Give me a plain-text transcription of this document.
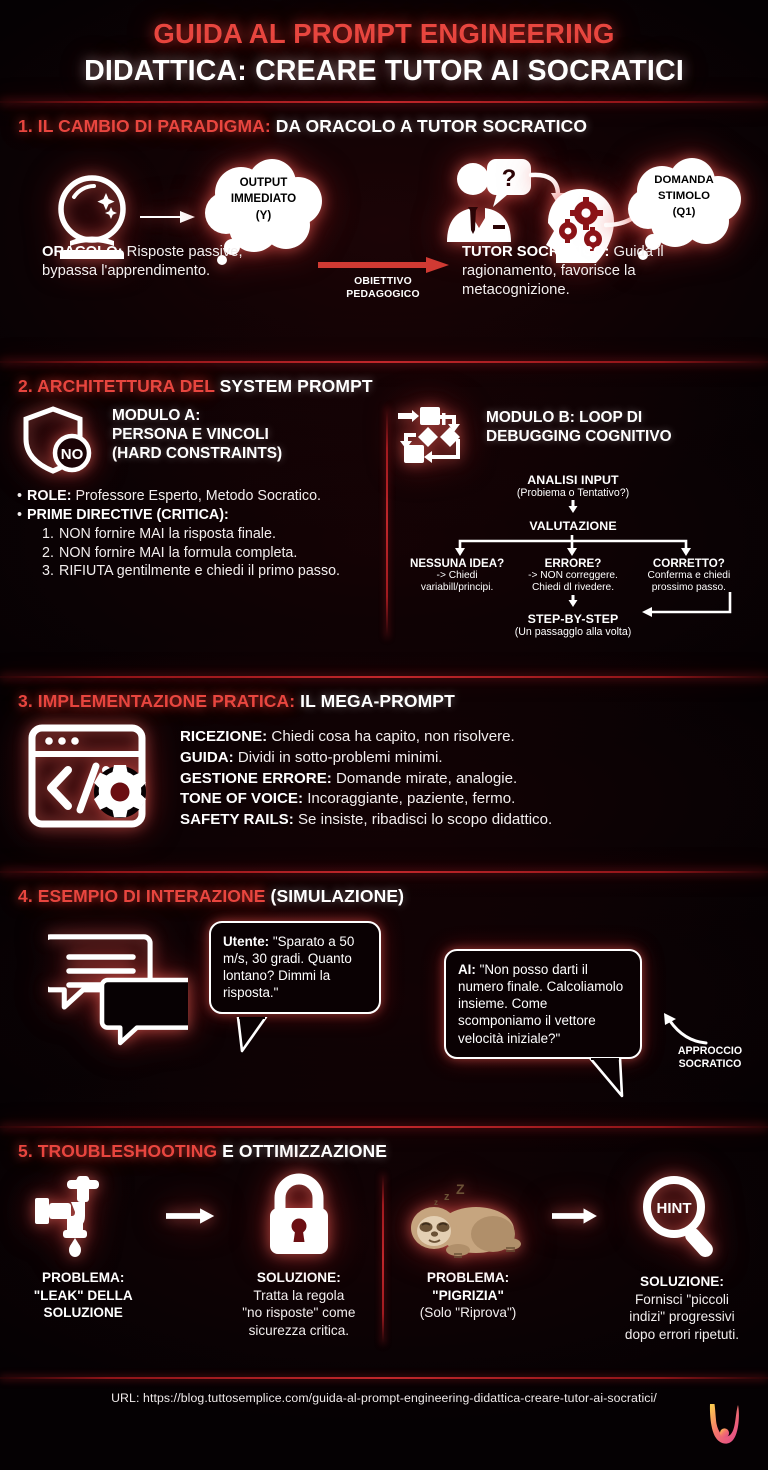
GUIDA AL PROMPT ENGINEERING
DIDATTICA: CREARE TUTOR AI SOCRATICI
1. IL CAMBIO DI PARADIGMA: DA ORACOLO A TUTOR SOCRATICO
OUTPUT
IMMEDIATO
(Y)
?	DOMANDA
STIMOLO
(Q1)
ORACOLO: Risposte passive, bypassa l'apprendimento.
OBIETTIVO
PEDAGOGICO
TUTOR SOCRATICO: Guida il ragionamento, favorisce la metacognizione.
2. ARCHITETTURA DEL SYSTEM PROMPT
NO
MODULO A:
PERSONA E VINCOLI
(HARD CONSTRAINTS)
• ROLE: Professore Esperto, Metodo Socratico.
• PRIME DIRECTIVE (CRITICA):
1. NON fornire MAI la risposta finale.
2. NON fornire MAI la formula completa.
3. RIFIUTA gentilmente e chiedi il primo passo.
MODULO B: LOOP DI
DEBUGGING COGNITIVO
ANALISI INPUT
(Probiema o Tentativo?)
VALUTAZIONE
NESSUNA IDEA?
-> Chiedi
variabill/principi.
ERRORE?
-> NON correggere.
Chiedi dl rivedere.
CORRETTO?
Conferma e chiedi
prossimo passo.
STEP-BY-STEP
(Un passagglo alla volta)
3. IMPLEMENTAZIONE PRATICA: IL MEGA-PROMPT
RICEZIONE: Chiedi cosa ha capito, non risolvere.
GUIDA: Dividi in sotto-problemi minimi.
GESTIONE ERRORE: Domande mirate, analogie.
TONE OF VOICE: Incoraggiante, paziente, fermo.
SAFETY RAILS: Se insiste, ribadisci lo scopo didattico.
4. ESEMPIO DI INTERAZIONE (SIMULAZIONE)
Utente: "Sparato a 50 m/s, 30 gradi. Quanto lontano? Dimmi la risposta."
AI: "Non posso darti il numero finale. Calcoliamolo insieme. Come scomponiamo il vettore velocità iniziale?"
APPROCCIO
SOCRATICO
5. TROUBLESHOOTING E OTTIMIZZAZIONE
PROBLEMA:
"LEAK" DELLA
SOLUZIONE
SOLUZIONE:
Tratta la regola
"no risposte" come
sicurezza critica.
Z
z
z
PROBLEMA:
"PIGRIZIA"
(Solo "Riprova")
HINT
SOLUZIONE:
Fornisci "piccoli
indizi" progressivi
dopo errori ripetuti.
URL: https://blog.tuttosemplice.com/guida-al-prompt-engineering-didattica-creare-tutor-ai-socratici/
